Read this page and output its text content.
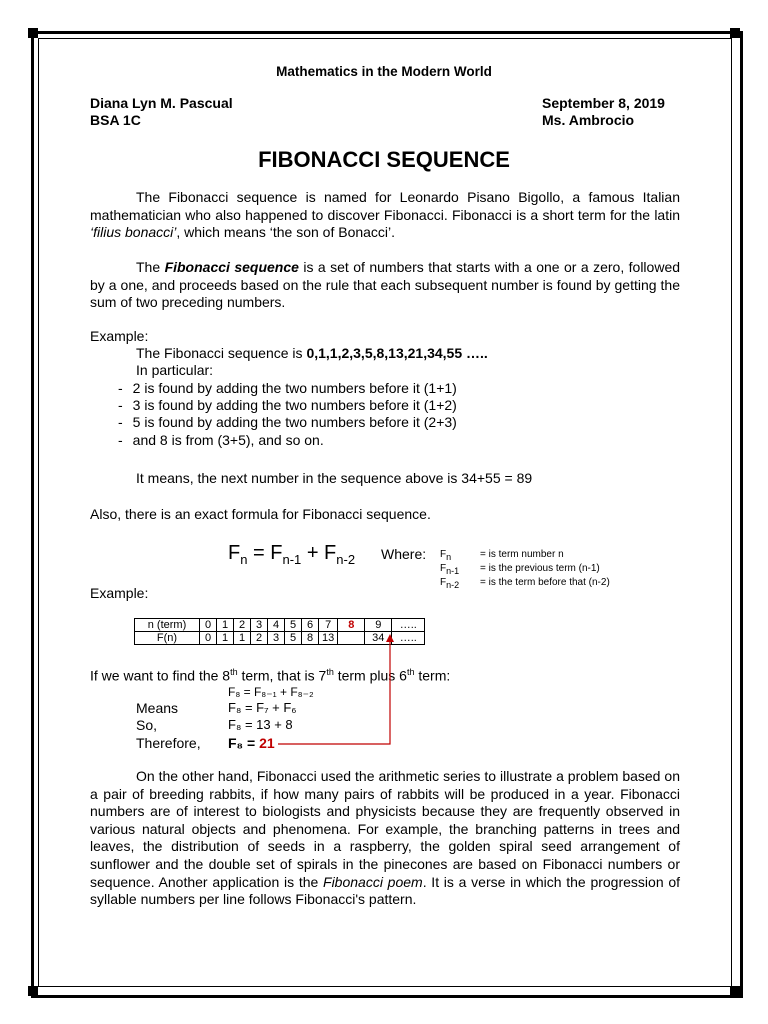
Mathematics in the Modern World
Diana Lyn M. Pascual
BSA 1C
September 8, 2019
Ms. Ambrocio
FIBONACCI SEQUENCE

The Fibonacci sequence is named for Leonardo Pisano Bigollo, a famous Italian mathematician who also happened to discover Fibonacci. Fibonacci is a short term for the latin ‘filius bonacci’, which means ‘the son of Bonacci’.

The Fibonacci sequence is a set of numbers that starts with a one or a zero, followed by a one, and proceeds based on the rule that each subsequent number is found by getting the sum of two preceding numbers.

Example:
The Fibonacci sequence is 0,1,1,2,3,5,8,13,21,34,55 …..
In particular:
- 2 is found by adding the two numbers before it (1+1)
- 3 is found by adding the two numbers before it (1+2)
- 5 is found by adding the two numbers before it (2+3)
- and 8 is from (3+5), and so on.
It means, the next number in the sequence above is 34+55 = 89
Also, there is an exact formula for Fibonacci sequence.
$F_n = F_{n-1} + F_{n-2}$ Where: $F_n$	= is term number n
$F_{n-1}$ = is the previous term (n-1)
$F_{n-2}$ = is the term before that (n-2)
Example:
n (term)	0	1	2	3	4	5	6	7	8	9	…..
F(n)	0	1	1	2	3	5	8	13		34	…..
If we want to find the 8th term, that is 7th term plus 6th term:
F₈ = F₈₋₁ + F₈₋₂
Means	F₈ = F₇ + F₆
So,	F₈ = 13 + 8
Therefore, F₈ = 21

On the other hand, Fibonacci used the arithmetic series to illustrate a problem based on a pair of breeding rabbits, if how many pairs of rabbits will be produced in a year. Fibonacci numbers are of interest to biologists and physicists because they are frequently observed in various natural objects and phenomena. For example, the branching patterns in trees and leaves, the distribution of seeds in a raspberry, the golden spiral seed arrangement of sunflower and the double set of spirals in the pinecones are based on Fibonacci numbers or sequence. Another application is the Fibonacci poem. It is a verse in which the progression of syllable numbers per line follows Fibonacci's pattern.
